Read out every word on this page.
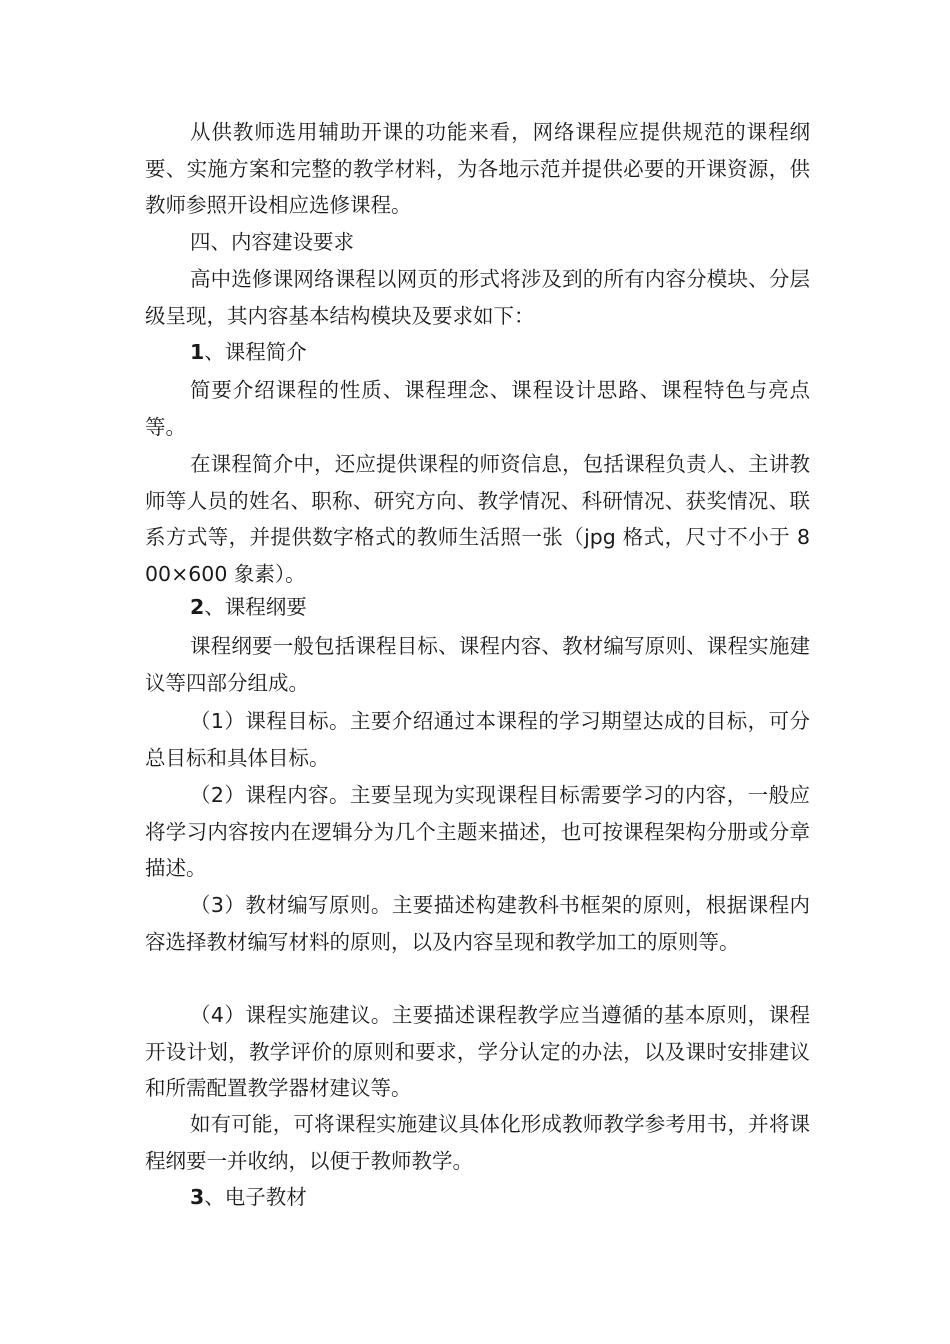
从供教师选用辅助开课的功能来看，网络课程应提供规范的课程纲要、实施方案和完整的教学材料，为各地示范并提供必要的开课资源，供教师参照开设相应选修课程。

四、内容建设要求

高中选修课网络课程以网页的形式将涉及到的所有内容分模块、分层级呈现，其内容基本结构模块及要求如下：

1、课程简介

简要介绍课程的性质、课程理念、课程设计思路、课程特色与亮点等。

在课程简介中，还应提供课程的师资信息，包括课程负责人、主讲教师等人员的姓名、职称、研究方向、教学情况、科研情况、获奖情况、联系方式等，并提供数字格式的教师生活照一张（jpg 格式，尺寸不小于 800×600 象素）。

2、课程纲要

课程纲要一般包括课程目标、课程内容、教材编写原则、课程实施建议等四部分组成。

（1）课程目标。主要介绍通过本课程的学习期望达成的目标，可分总目标和具体目标。

（2）课程内容。主要呈现为实现课程目标需要学习的内容，一般应将学习内容按内在逻辑分为几个主题来描述，也可按课程架构分册或分章描述。

（3）教材编写原则。主要描述构建教科书框架的原则，根据课程内容选择教材编写材料的原则，以及内容呈现和教学加工的原则等。

（4）课程实施建议。主要描述课程教学应当遵循的基本原则，课程开设计划，教学评价的原则和要求，学分认定的办法，以及课时安排建议和所需配置教学器材建议等。

如有可能，可将课程实施建议具体化形成教师教学参考用书，并将课程纲要一并收纳，以便于教师教学。

3、电子教材
